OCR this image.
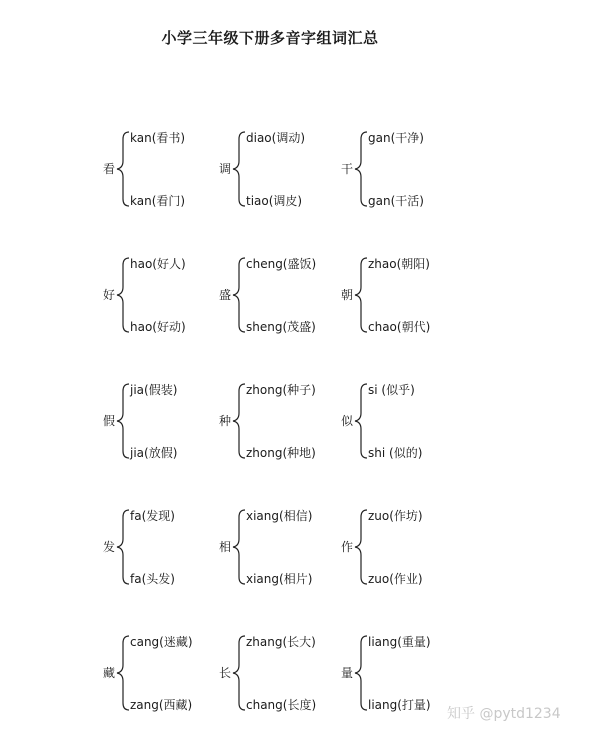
小学三年级下册多音字组词汇总
看
kan(看书)
kan(看门)
调
diao(调动)
tiao(调皮)
干
gan(干净)
gan(干活)
好
hao(好人)
hao(好动)
盛
cheng(盛饭)
sheng(茂盛)
朝
zhao(朝阳)
chao(朝代)
假
jia(假装)
jia(放假)
种
zhong(种子)
zhong(种地)
似
si (似乎)
shi (似的)
发
fa(发现)
fa(头发)
相
xiang(相信)
xiang(相片)
作
zuo(作坊)
zuo(作业)
藏
cang(迷藏)
zang(西藏)
长
zhang(长大)
chang(长度)
量
liang(重量)
liang(打量)
知乎 @pytd1234
